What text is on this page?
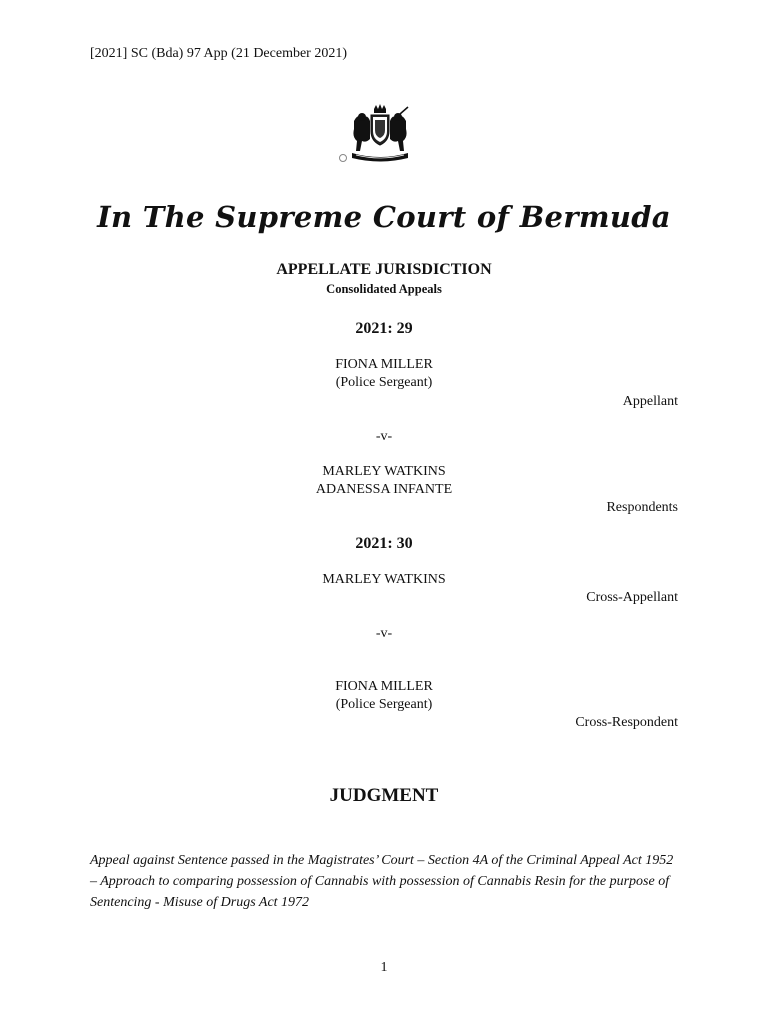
[2021] SC (Bda) 97 App (21 December 2021)
In The Supreme Court of Bermuda
APPELLATE JURISDICTION
Consolidated Appeals
2021: 29
FIONA MILLER
(Police Sergeant)
Appellant
-v-
MARLEY WATKINS
ADANESSA INFANTE
Respondents
2021: 30
MARLEY WATKINS
Cross-Appellant
-v-
FIONA MILLER
(Police Sergeant)
Cross-Respondent
JUDGMENT
Appeal against Sentence passed in the Magistrates’ Court – Section 4A of the Criminal Appeal Act 1952 – Approach to comparing possession of Cannabis with possession of Cannabis Resin for the purpose of Sentencing - Misuse of Drugs Act 1972
1
